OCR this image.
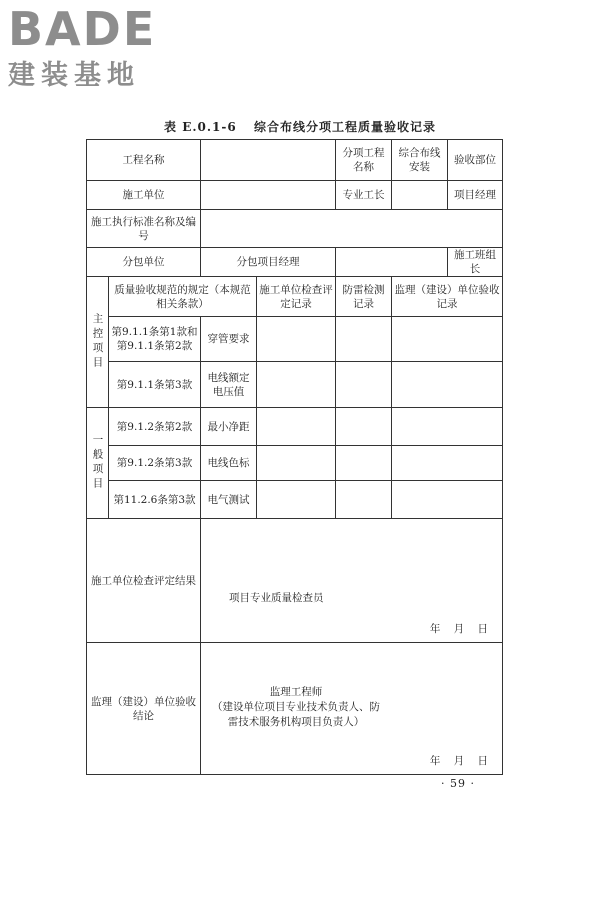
BADE
建装基地
表 E.0.1-6 综合布线分项工程质量验收记录
工程名称				分项工程名称	综合布线安装	验收部位
施工单位				专业工长		项目经理
施工执行标准名称及编号						
分包单位		分包项目经理				施工班组长
主控项目	质量验收规范的规定（本规范相关条款）		施工单位检查评定记录	防雷检测记录	监理（建设）单位验收记录	
	第9.1.1条第1款和第9.1.1条第2款	穿管要求				
	第9.1.1条第3款	电线额定电压值				
一般项目	第9.1.2条第2款	最小净距				
	第9.1.2条第3款	电线色标				
	第11.2.6条第3款	电气测试				
施工单位检查评定结果		项目专业质量检查员
年 月 日				

监理（建设）单位验收结论		监理工程师
（建设单位项目专业技术负责人、防雷技术服务机构项目负责人）
年 月 日				
· 59 ·
